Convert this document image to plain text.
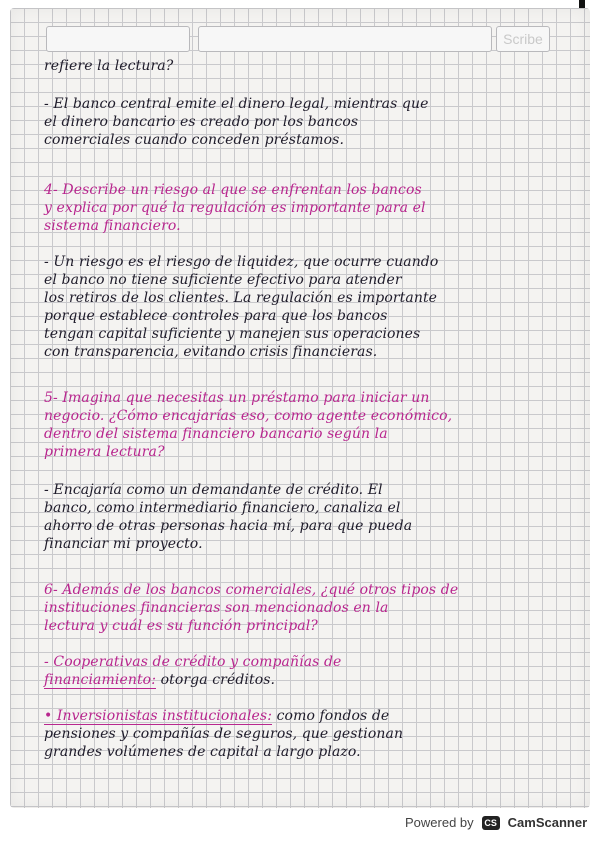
Scribe
refiere la lectura?
- El banco central emite el dinero legal, mientras que
el dinero bancario es creado por los bancos
comerciales cuando conceden préstamos.
4- Describe un riesgo al que se enfrentan los bancos
y explica por qué la regulación es importante para el
sistema financiero.
- Un riesgo es el riesgo de liquidez, que ocurre cuando
el banco no tiene suficiente efectivo para atender
los retiros de los clientes. La regulación es importante
porque establece controles para que los bancos
tengan capital suficiente y manejen sus operaciones
con transparencia, evitando crisis financieras.
5- Imagina que necesitas un préstamo para iniciar un
negocio. ¿Cómo encajarías eso, como agente económico,
dentro del sistema financiero bancario según la
primera lectura?
- Encajaría como un demandante de crédito. El
banco, como intermediario financiero, canaliza el
ahorro de otras personas hacia mí, para que pueda
financiar mi proyecto.
6- Además de los bancos comerciales, ¿qué otros tipos de
instituciones financieras son mencionados en la
lectura y cuál es su función principal?
- Cooperativas de crédito y compañías de
financiamiento: otorga créditos.
• Inversionistas institucionales: como fondos de
pensiones y compañías de seguros, que gestionan
grandes volúmenes de capital a largo plazo.
Powered by	CS CamScanner
